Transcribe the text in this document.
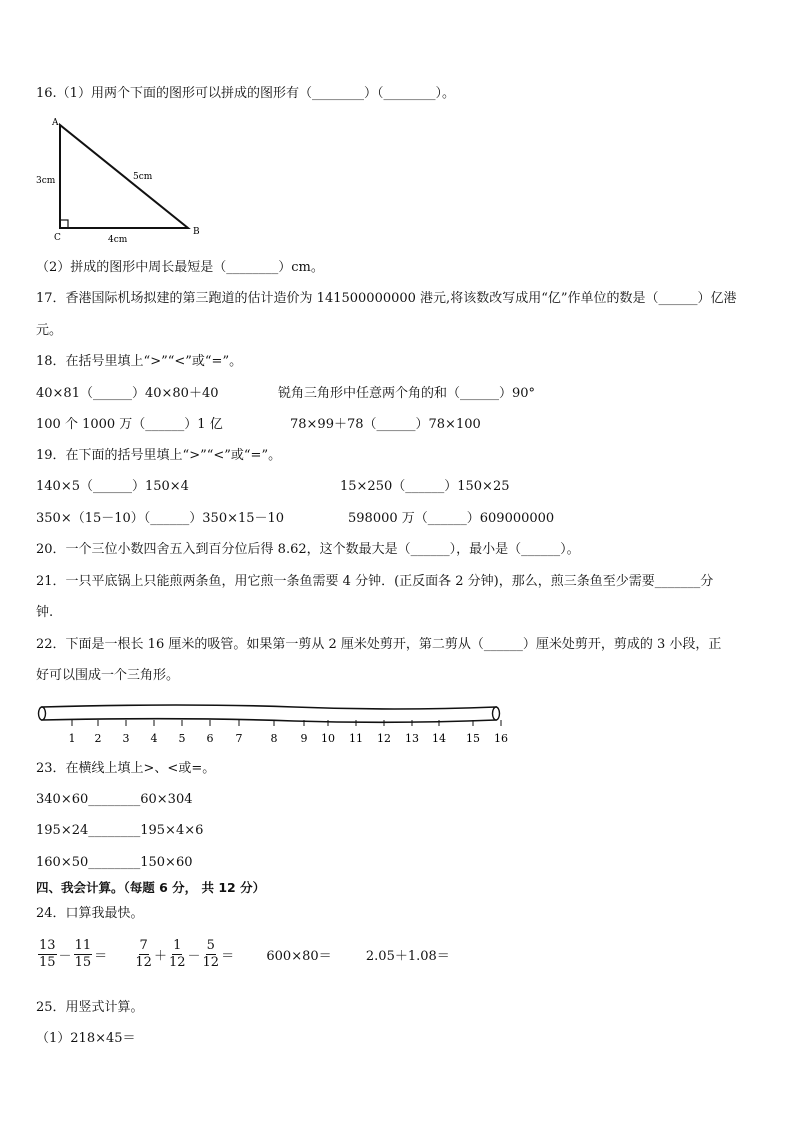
16.（1）用两个下面的图形可以拼成的图形有（________）（________）。
A
C
B
3cm	5cm
4cm
（2）拼成的图形中周长最短是（________）cm。
17．香港国际机场拟建的第三跑道的估计造价为 141500000000 港元,将该数改写成用“亿”作单位的数是（______）亿港
元。
18．在括号里填上“>”“<”或“=”。
40×81（______）40×80＋40	锐角三角形中任意两个角的和（______）90°
100 个 1000 万（______）1 亿	78×99＋78（______）78×100
19．在下面的括号里填上“>”“<”或“=”。
140×5（______）150×4	15×250（______）150×25
350×（15－10）（______）350×15－10	598000 万（______）609000000
20．一个三位小数四舍五入到百分位后得 8.62，这个数最大是（______），最小是（______）。
21．一只平底锅上只能煎两条鱼，用它煎一条鱼需要 4 分钟．(正反面各 2 分钟)，那么，煎三条鱼至少需要_______分
钟.
22．下面是一根长 16 厘米的吸管。如果第一剪从 2 厘米处剪开，第二剪从（______）厘米处剪开，剪成的 3 小段，正
好可以围成一个三角形。
1 2 3 4 5 6 7	8 9 10 11 12 13 14 15 16
23．在横线上填上>、<或=。
340×60________60×304
195×24________195×4×6
160×50________150×60
四、我会计算。（每题 6 分， 共 12 分）
24．口算我最快。
$\frac{13}{15} - \frac{11}{15} = \frac{7}{12} + \frac{1}{12} - \frac{5}{12} = 600\times 80=$	2.05＋1.08＝
25．用竖式计算。
（1）218×45＝
